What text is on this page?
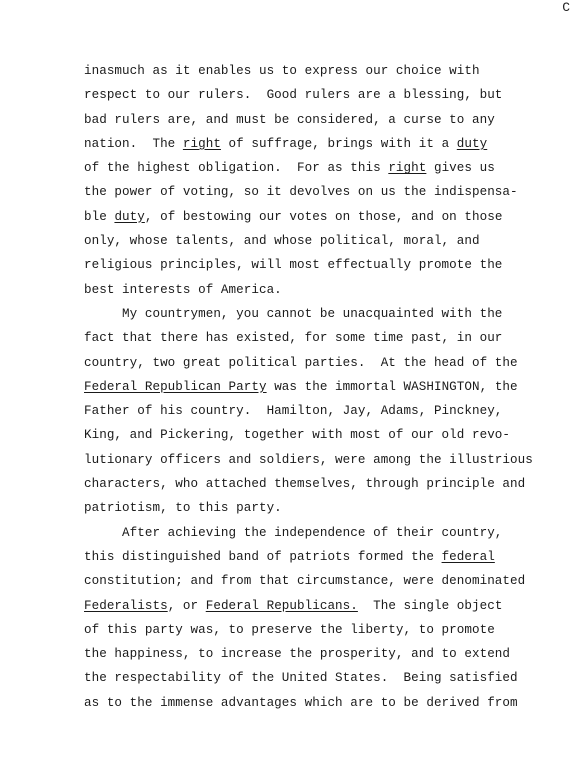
C
inasmuch as it enables us to express our choice with
respect to our rulers.  Good rulers are a blessing, but
bad rulers are, and must be considered, a curse to any
nation.  The right of suffrage, brings with it a duty
of the highest obligation.  For as this right gives us
the power of voting, so it devolves on us the indispensa-
ble duty, of bestowing our votes on those, and on those
only, whose talents, and whose political, moral, and
religious principles, will most effectually promote the
best interests of America.
My countrymen, you cannot be unacquainted with the
fact that there has existed, for some time past, in our
country, two great political parties.  At the head of the
Federal Republican Party was the immortal WASHINGTON, the
Father of his country.  Hamilton, Jay, Adams, Pinckney,
King, and Pickering, together with most of our old revo-
lutionary officers and soldiers, were among the illustrious
characters, who attached themselves, through principle and
patriotism, to this party.
After achieving the independence of their country,
this distinguished band of patriots formed the federal
constitution; and from that circumstance, were denominated
Federalists, or Federal Republicans.  The single object
of this party was, to preserve the liberty, to promote
the happiness, to increase the prosperity, and to extend
the respectability of the United States.  Being satisfied
as to the immense advantages which are to be derived from
